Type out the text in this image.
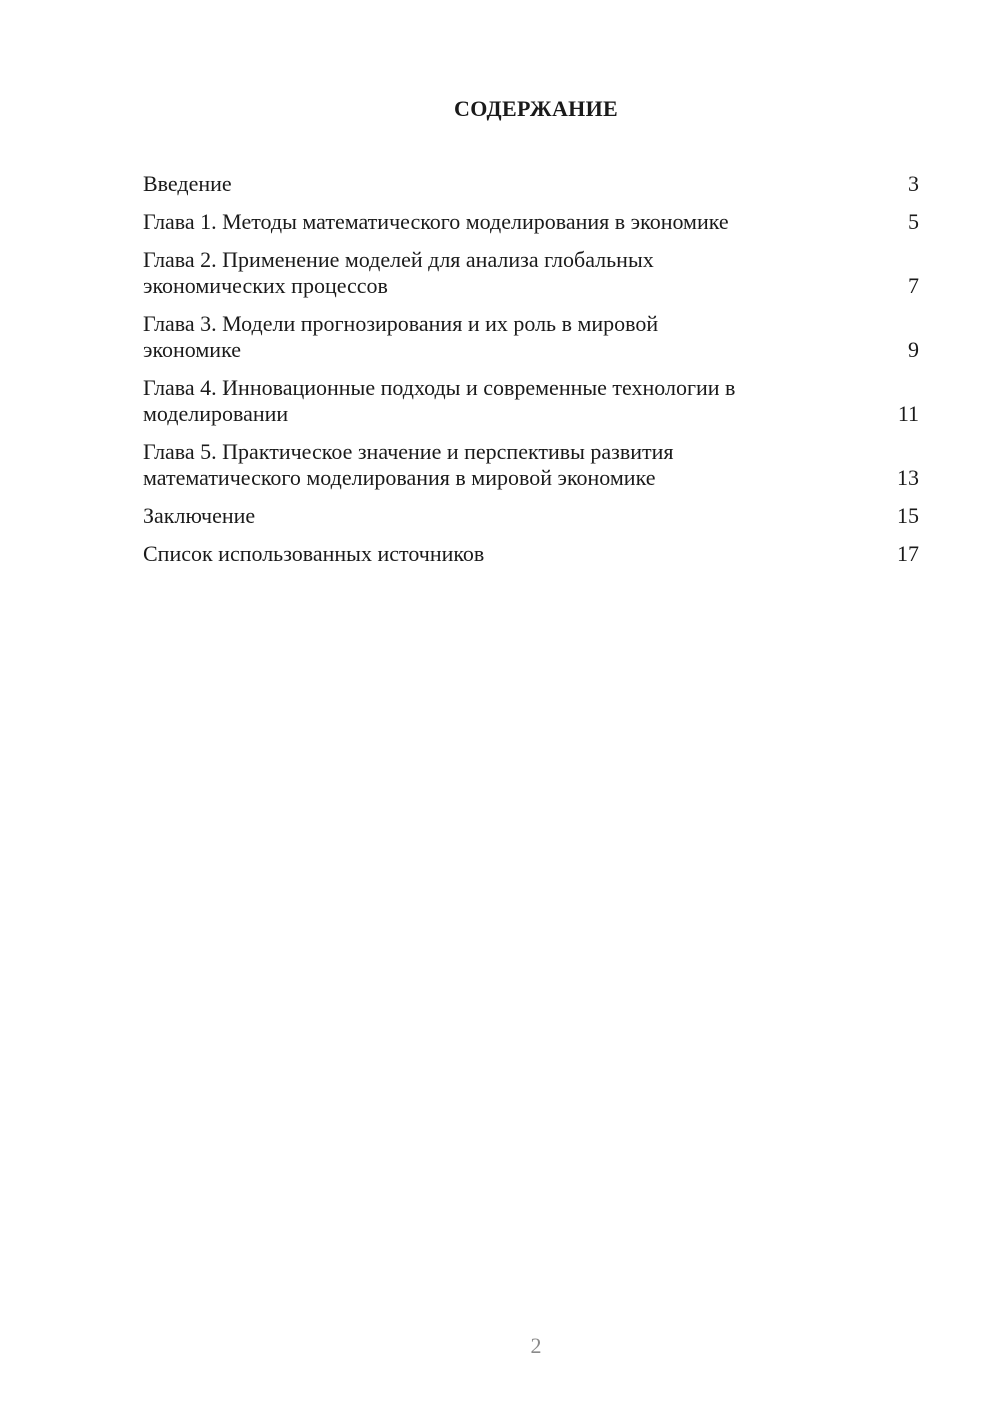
СОДЕРЖАНИЕ
Введение	3
Глава 1. Методы математического моделирования в экономике	5
Глава 2. Применение моделей для анализа глобальных
экономических процессов	7
Глава 3. Модели прогнозирования и их роль в мировой
экономике	9
Глава 4. Инновационные подходы и современные технологии в
моделировании	11
Глава 5. Практическое значение и перспективы развития
математического моделирования в мировой экономике	13
Заключение	15
Список использованных источников	17
2
